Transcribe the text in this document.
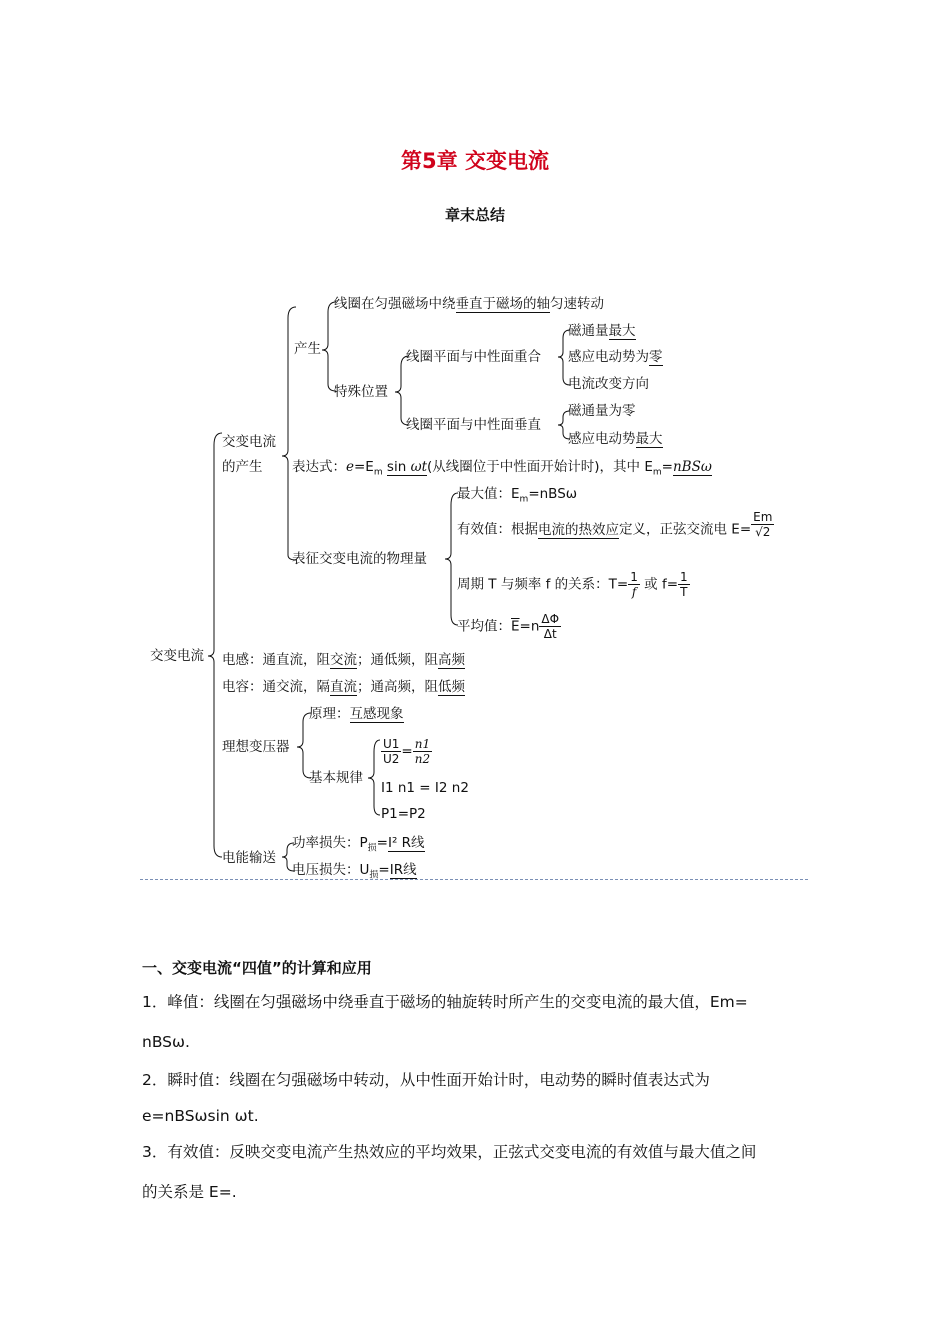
第5章 交变电流
章末总结
交变电流
交变电流
的产生
产生
线圈在匀强磁场中绕垂直于磁场的轴匀速转动
特殊位置
线圈平面与中性面重合
磁通量最大
感应电动势为零
电流改变方向
线圈平面与中性面垂直
磁通量为零
感应电动势最大
表达式：$e=E_m$ sin ωt(从线圈位于中性面开始计时)，其中 $E_m=nBS\omega$
表征交变电流的物理量
最大值：$E_m=nBS\omega$
有效值：根据电流的热效应定义，正弦交流电 $E= \frac{Em}{√2}$
周期 T 与频率 f 的关系：$T= \frac{1}{f}$ 或 $f= \frac{1}{T}$
平均值：$\overline{E}=n \frac{\Delta\Phi}{\Delta t}$
电感：通直流，阻交流；通低频，阻高频
电容：通交流，隔直流；通高频，阻低频
理想变压器
原理：互感现象
基本规律
$\frac{U1}{U2} = \frac{n1}{n2}$
I1 n1 = I2 n2
P1=P2
电能输送
功率损失：$P_损=I^2$ R线
电压损失：$U_损=IR$线
一、交变电流“四值”的计算和应用
1．峰值：线圈在匀强磁场中绕垂直于磁场的轴旋转时所产生的交变电流的最大值，Em=
nBSω.
2．瞬时值：线圈在匀强磁场中转动，从中性面开始计时，电动势的瞬时值表达式为
e=nBSωsin ωt.
3．有效值：反映交变电流产生热效应的平均效果，正弦式交变电流的有效值与最大值之间
的关系是 E=.
